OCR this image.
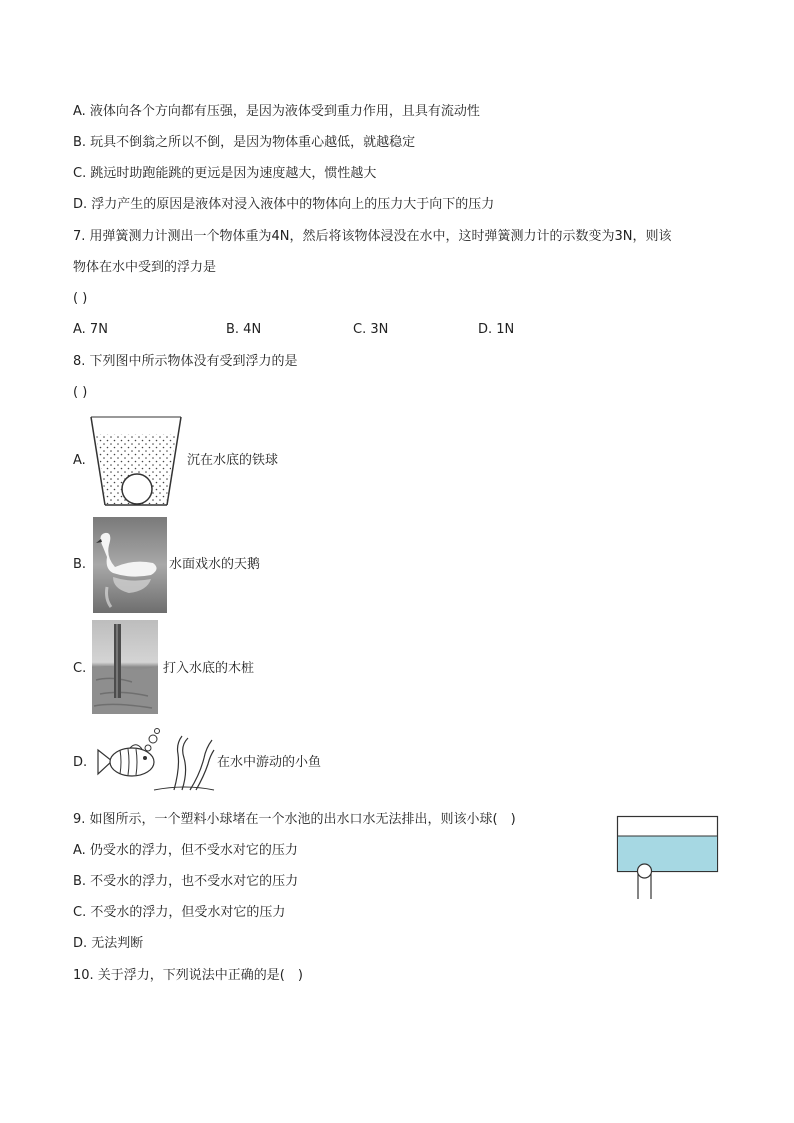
A. 液体向各个方向都有压强，是因为液体受到重力作用，且具有流动性
B. 玩具不倒翁之所以不倒，是因为物体重心越低，就越稳定
C. 跳远时助跑能跳的更远是因为速度越大，惯性越大
D. 浮力产生的原因是液体对浸入液体中的物体向上的压力大于向下的压力
7. 用弹簧测力计测出一个物体重为4N，然后将该物体浸没在水中，这时弹簧测力计的示数变为3N，则该
物体在水中受到的浮力是
( )
A. 7N	B. 4N	C. 3N	D. 1N
8. 下列图中所示物体没有受到浮力的是
( )
A.	沉在水底的铁球
B.	水面戏水的天鹅
C.	打入水底的木桩
D.	在水中游动的小鱼
9. 如图所示，一个塑料小球堵在一个水池的出水口水无法排出，则该小球(　)
A. 仍受水的浮力，但不受水对它的压力
B. 不受水的浮力，也不受水对它的压力
C. 不受水的浮力，但受水对它的压力
D. 无法判断
10. 关于浮力，下列说法中正确的是(　)
